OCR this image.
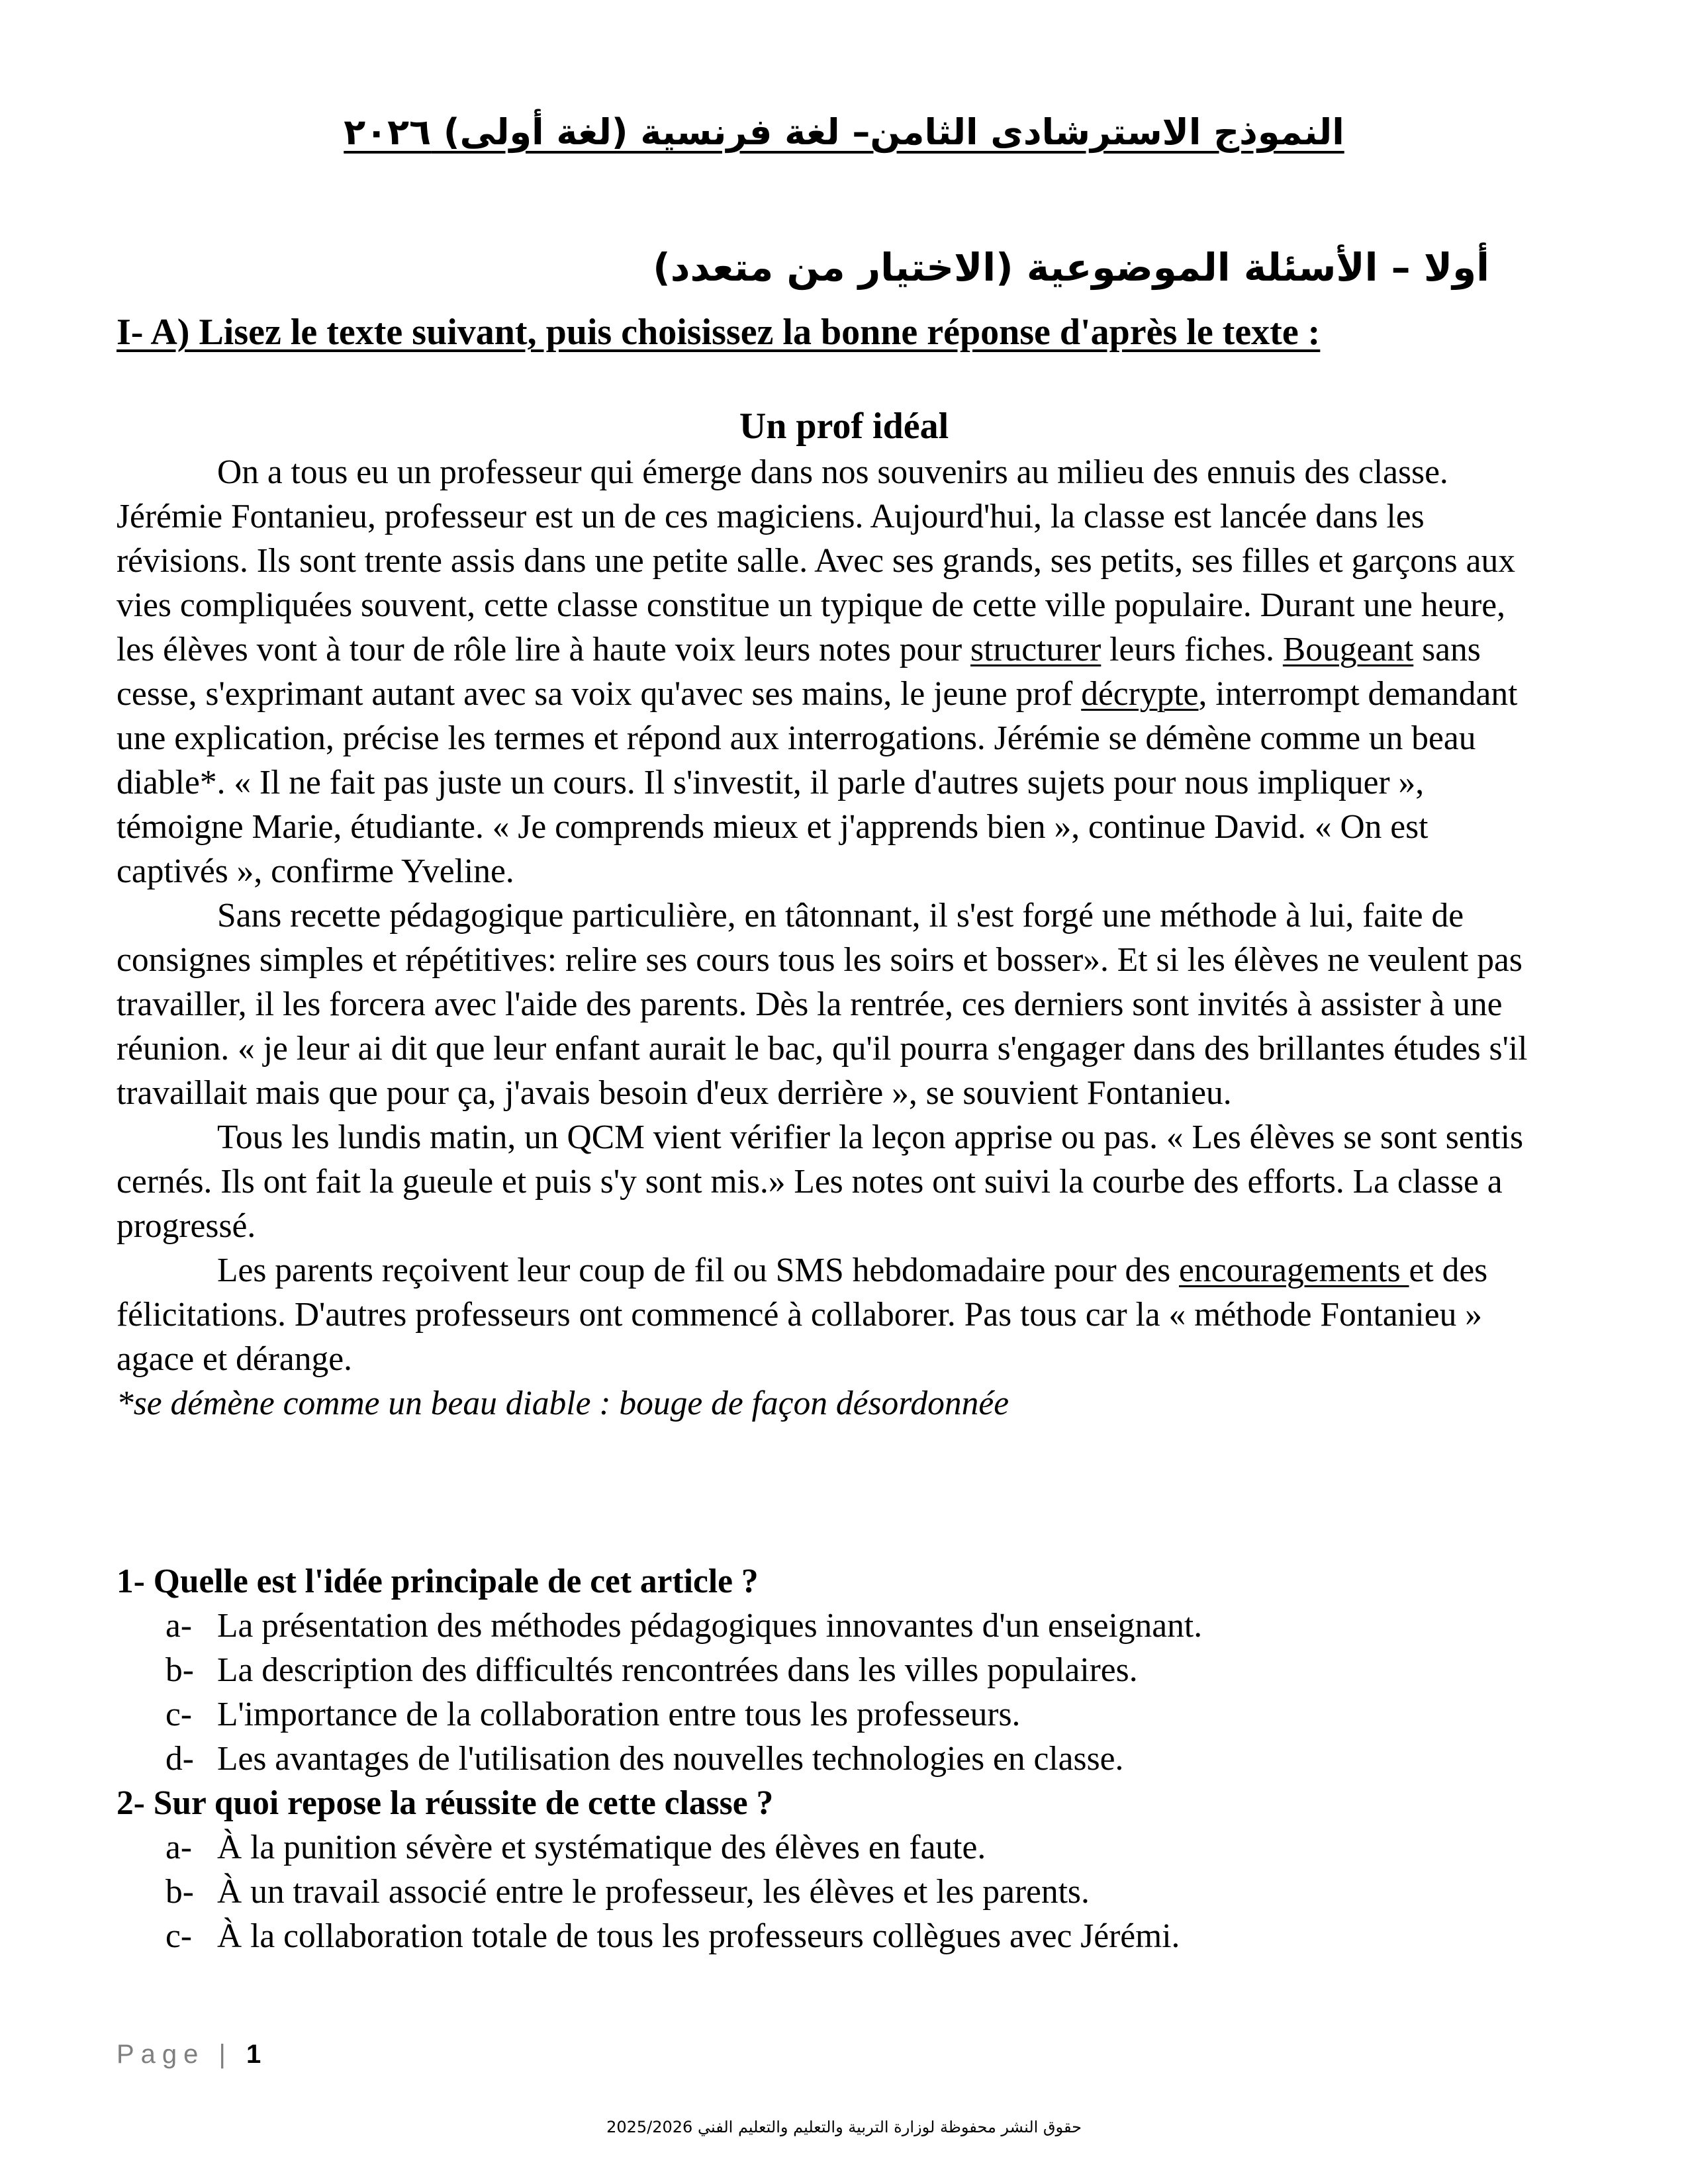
النموذج الاسترشادى الثامن– لغة فرنسية (لغة أولى) ٢٠٢٦
أولا – الأسئلة الموضوعية (الاختيار من متعدد)
I- A) Lisez le texte suivant, puis choisissez la bonne réponse d'après le texte :
Un prof idéal

On a tous eu un professeur qui émerge dans nos souvenirs au milieu des ennuis des classe. Jérémie Fontanieu, professeur est un de ces magiciens. Aujourd'hui, la classe est lancée dans les révisions. Ils sont trente assis dans une petite salle. Avec ses grands, ses petits, ses filles et garçons aux vies compliquées souvent, cette classe constitue un typique de cette ville populaire. Durant une heure, les élèves vont à tour de rôle lire à haute voix leurs notes pour structurer leurs fiches. Bougeant sans cesse, s'exprimant autant avec sa voix qu'avec ses mains, le jeune prof décrypte, interrompt demandant une explication, précise les termes et répond aux interrogations. Jérémie se démène comme un beau diable*. « Il ne fait pas juste un cours. Il s'investit, il parle d'autres sujets pour nous impliquer », témoigne Marie, étudiante. « Je comprends mieux et j'apprends bien », continue David. « On est captivés », confirme Yveline.

Sans recette pédagogique particulière, en tâtonnant, il s'est forgé une méthode à lui, faite de consignes simples et répétitives: relire ses cours tous les soirs et bosser». Et si les élèves ne veulent pas travailler, il les forcera avec l'aide des parents. Dès la rentrée, ces derniers sont invités à assister à une réunion. « je leur ai dit que leur enfant aurait le bac, qu'il pourra s'engager dans des brillantes études s'il travaillait mais que pour ça, j'avais besoin d'eux derrière », se souvient Fontanieu.

Tous les lundis matin, un QCM vient vérifier la leçon apprise ou pas. « Les élèves se sont sentis cernés. Ils ont fait la gueule et puis s'y sont mis.» Les notes ont suivi la courbe des efforts. La classe a progressé.

Les parents reçoivent leur coup de fil ou SMS hebdomadaire pour des encouragements et des félicitations. D'autres professeurs ont commencé à collaborer. Pas tous car la « méthode Fontanieu » agace et dérange.

*se démène comme un beau diable : bouge de façon désordonnée

1- Quelle est l'idée principale de cet article ?

a- La présentation des méthodes pédagogiques innovantes d'un enseignant.

b- La description des difficultés rencontrées dans les villes populaires.

c- L'importance de la collaboration entre tous les professeurs.

d- Les avantages de l'utilisation des nouvelles technologies en classe.

2- Sur quoi repose la réussite de cette classe ?

a- À la punition sévère et systématique des élèves en faute.

b- À un travail associé entre le professeur, les élèves et les parents.

c- À la collaboration totale de tous les professeurs collègues avec Jérémi.

Page | 1
حقوق النشر محفوظة لوزارة التربية والتعليم والتعليم الفني 2025/2026
